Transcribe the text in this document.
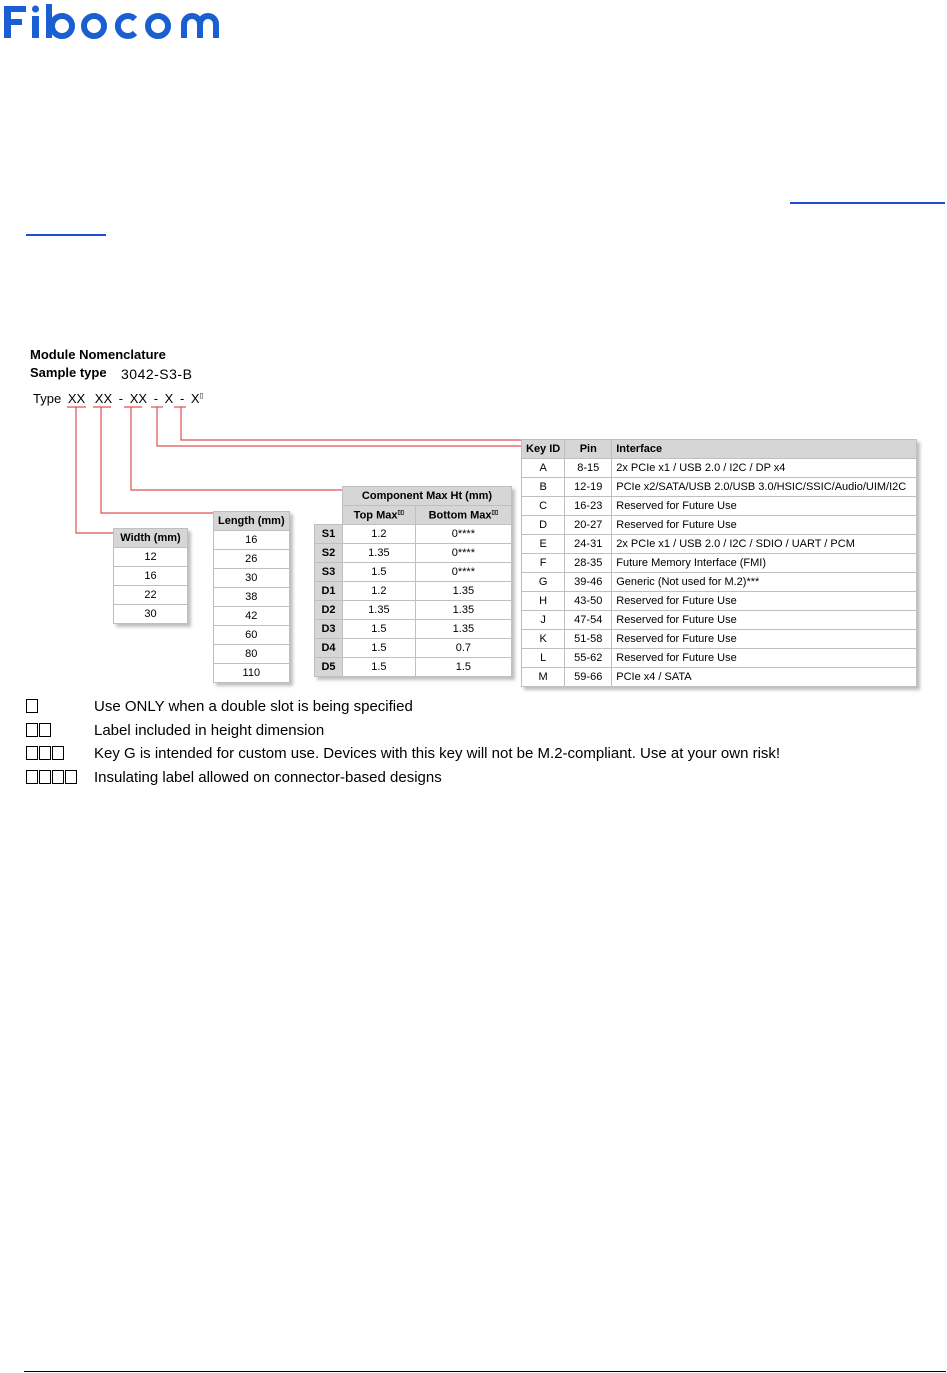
FIBOCOM
Module Nomenclature
Sample type 3042-S3-B
Type XX XX - XX - X - X▯
Width (mm)
12
16
22
30
Length (mm)
16
26
30
38
42
60
80
110
	Component Max Ht (mm)	
	Top Max▯▯	Bottom Max▯▯
S1	1.2	0****
S2	1.35	0****
S3	1.5	0****
D1	1.2	1.35
D2	1.35	1.35
D3	1.5	1.35
D4	1.5	0.7
D5	1.5	1.5
Key ID	Pin	Interface
A	8-15	2x PCIe x1 / USB 2.0 / I2C / DP x4
B	12-19	PCIe x2/SATA/USB 2.0/USB 3.0/HSIC/SSIC/Audio/UIM/I2C
C	16-23	Reserved for Future Use
D	20-27	Reserved for Future Use
E	24-31	2x PCIe x1 / USB 2.0 / I2C / SDIO / UART / PCM
F	28-35	Future Memory Interface (FMI)
G	39-46	Generic (Not used for M.2)***
H	43-50	Reserved for Future Use
J	47-54	Reserved for Future Use
K	51-58	Reserved for Future Use
L	55-62	Reserved for Future Use
M	59-66	PCIe x4 / SATA
Use ONLY when a double slot is being specified
Label included in height dimension
Key G is intended for custom use. Devices with this key will not be M.2-compliant. Use at your own risk!
Insulating label allowed on connector-based designs
